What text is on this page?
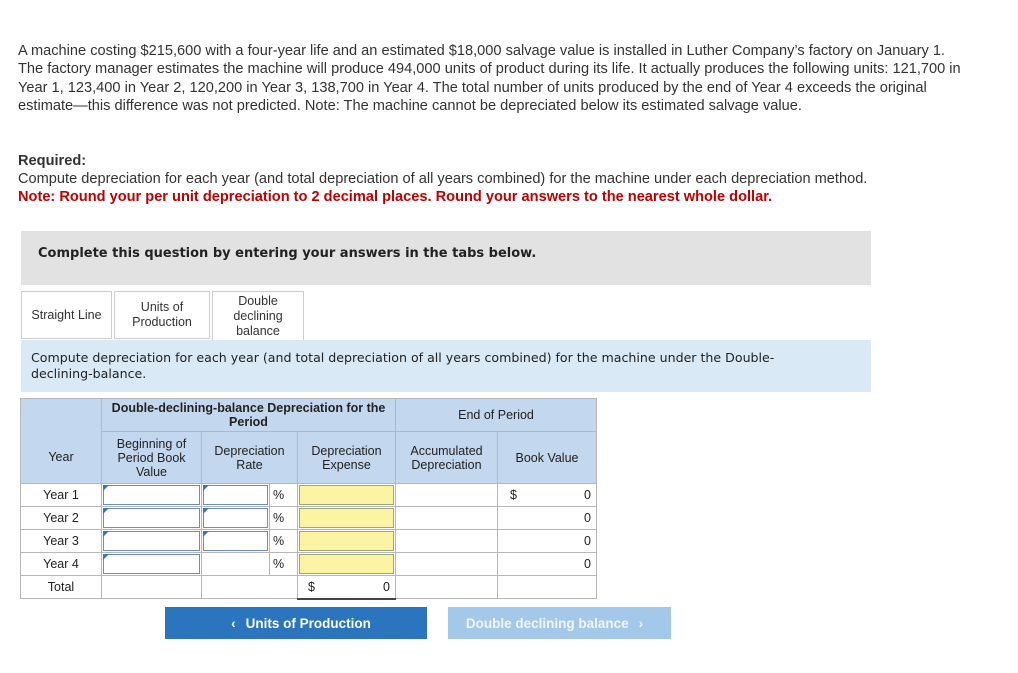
A machine costing $215,600 with a four-year life and an estimated $18,000 salvage value is installed in Luther Company’s factory on January 1. The factory manager estimates the machine will produce 494,000 units of product during its life. It actually produces the following units: 121,700 in Year 1, 123,400 in Year 2, 120,200 in Year 3, 138,700 in Year 4. The total number of units produced by the end of Year 4 exceeds the original estimate—this difference was not predicted. Note: The machine cannot be depreciated below its estimated salvage value.
Required:
Compute depreciation for each year (and total depreciation of all years combined) for the machine under each depreciation method.
Note: Round your per unit depreciation to 2 decimal places. Round your answers to the nearest whole dollar.
Complete this question by entering your answers in the tabs below.
Straight Line
Units of Production
Double declining balance
Compute depreciation for each year (and total depreciation of all years combined) for the machine under the Double-declining-balance.
	Double-declining-balance Depreciation for the Period				End of Period	
Year	Beginning of Period Book Value	Depreciation Rate		Depreciation Expense	Accumulated Depreciation	Book Value
Year 1			%			$ 0

Year 2			%			0
Year 3			%			0
Year 4			%			0
Total				$ 0		

‹ Units of Production	Double declining balance ›
